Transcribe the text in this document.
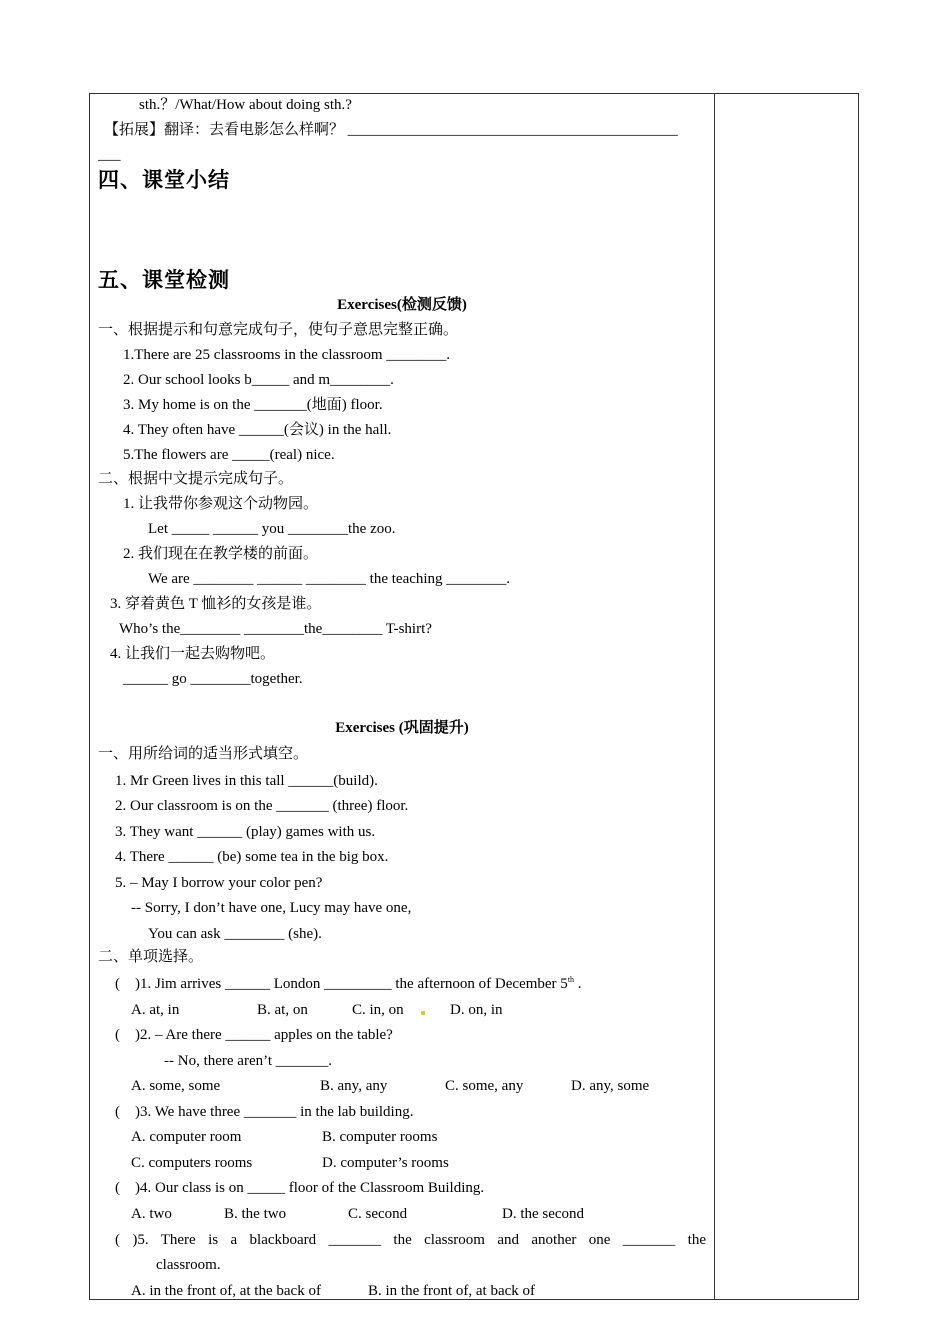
sth.？/What/How about doing sth.?
【拓展】翻译：去看电影怎么样啊？ ____________________________________________
___
四、课堂小结
五、课堂检测
Exercises(检测反馈)
一、根据提示和句意完成句子，使句子意思完整正确。
1.There are 25 classrooms in the classroom ________.
2. Our school looks b_____ and m________.
3. My home is on the _______(地面) floor.
4. They often have ______(会议) in the hall.
5.The flowers are _____(real) nice.
二、根据中文提示完成句子。
1. 让我带你参观这个动物园。
Let _____ ______ you ________the zoo.
2. 我们现在在教学楼的前面。
We are ________ ______ ________ the teaching ________.
3. 穿着黄色 T 恤衫的女孩是谁。
Who’s the________ ________the________ T-shirt?
4. 让我们一起去购物吧。
______ go ________together.
Exercises (巩固提升)
一、用所给词的适当形式填空。
1. Mr Green lives in this tall ______(build).
2. Our classroom is on the _______ (three) floor.
3. They want ______ (play) games with us.
4. There ______ (be) some tea in the big box.
5. – May I borrow your color pen?
-- Sorry, I don’t have one, Lucy may have one,
You can ask ________ (she).
二、单项选择。
(    )1. Jim arrives ______ London _________ the afternoon of December 5th .
A. at, in	B. at, on	C. in, on	D. on, in
(    )2. – Are there ______ apples on the table?
-- No, there aren’t _______.
A. some, some	B. any, any	C. some, any	D. any, some
(    )3. We have three _______ in the lab building.
A. computer room	B. computer rooms
C. computers rooms	D. computer’s rooms
(    )4. Our class is on _____ floor of the Classroom Building.
A. two	B. the two	C. second	D. the second
( )5. There is a blackboard _______ the classroom and another one _______ the
classroom.
A. in the front of, at the back of	B. in the front of, at back of
